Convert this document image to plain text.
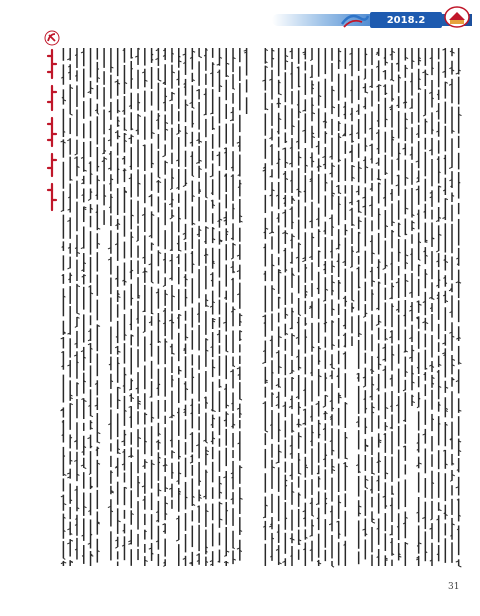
2018.2
31
